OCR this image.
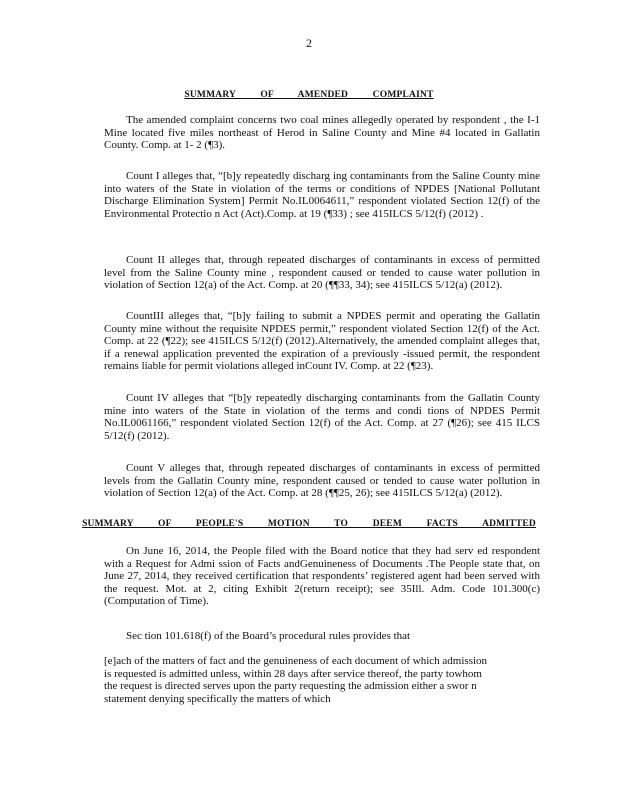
2
SUMMARY OF AMENDED COMPLAINT

The amended complaint concerns two coal mines allegedly operated by respondent , the I-1 Mine located five miles northeast of Herod in Saline County and Mine #4 located in Gallatin County. Comp. at 1- 2 (¶3).

Count I alleges that, “[b]y repeatedly discharg ing contaminants from the Saline County mine into waters of the State in violation of the terms or conditions of NPDES [National Pollutant Discharge Elimination System] Permit No.IL0064611,” respondent violated Section 12(f) of the Environmental Protectio n Act (Act).Comp. at 19 (¶33) ; see 415ILCS 5/12(f) (2012) .

Count II alleges that, through repeated discharges of contaminants in excess of permitted level from the Saline County mine , respondent caused or tended to cause water pollution in violation of Section 12(a) of the Act. Comp. at 20 (¶¶33, 34); see 415ILCS 5/12(a) (2012).

CountIII alleges that, “[b]y failing to submit a NPDES permit and operating the Gallatin County mine without the requisite NPDES permit,” respondent violated Section 12(f) of the Act. Comp. at 22 (¶22); see 415ILCS 5/12(f) (2012).Alternatively, the amended complaint alleges that, if a renewal application prevented the expiration of a previously -issued permit, the respondent remains liable for permit violations alleged inCount IV. Comp. at 22 (¶23).

Count IV alleges that “[b]y repeatedly discharging contaminants from the Gallatin County mine into waters of the State in violation of the terms and condi tions of NPDES Permit No.IL0061166,” respondent violated Section 12(f) of the Act. Comp. at 27 (¶26); see 415 ILCS 5/12(f) (2012).

Count V alleges that, through repeated discharges of contaminants in excess of permitted levels from the Gallatin County mine, respondent caused or tended to cause water pollution in violation of Section 12(a) of the Act. Comp. at 28 (¶¶25, 26); see 415ILCS 5/12(a) (2012).

SUMMARY OF PEOPLE'S MOTION TO DEEM FACTS ADMITTED

On June 16, 2014, the People filed with the Board notice that they had serv ed respondent with a Request for Admi ssion of Facts andGenuineness of Documents .The People state that, on June 27, 2014, they received certification that respondents’ registered agent had been served with the request. Mot. at 2, citing Exhibit 2(return receipt); see 35Ill. Adm. Code 101.300(c) (Computation of Time).

Sec tion 101.618(f) of the Board’s procedural rules provides that

[e]ach of the matters of fact and the genuineness of each document of which admission is requested is admitted unless, within 28 days after service thereof, the party towhom the request is directed serves upon the party requesting the admission either a swor n statement denying specifically the matters of which
